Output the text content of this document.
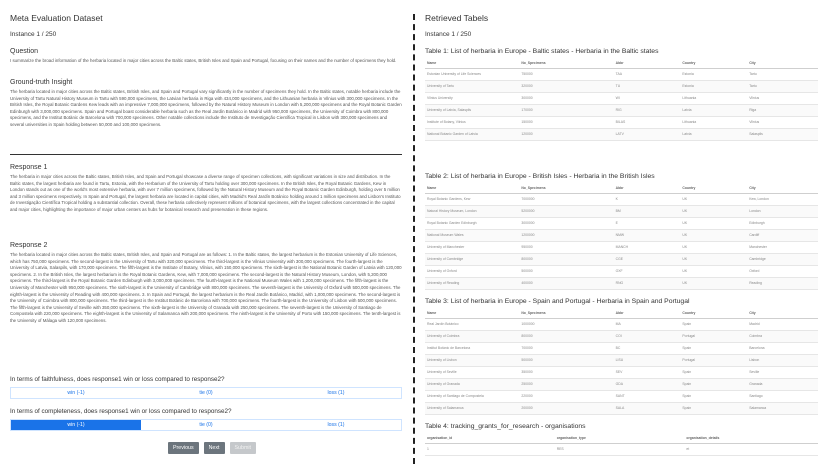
Meta Evaluation Dataset
Instance 1 / 250
Question
I summarize the broad information of the herbaria located in major cities across the Baltic states, British Isles and Spain and Portugal, focusing on their names and the number of specimens they hold.
Ground-truth Insight
The herbaria located in major cities across the Baltic states, British Isles, and Spain and Portugal vary significantly in the number of specimens they hold. In the Baltic states, notable herbaria include the University of Tartu Natural History Museum in Tartu with 590,000 specimens, the Latvian herbaria in Riga with 434,000 specimens, and the Lithuanian herbaria in Vilnius with 300,000 specimens. In the British Isles, the Royal Botanic Gardens Kew leads with an impressive 7,000,000 specimens, followed by the Natural History Museum in London with 5,200,000 specimens and the Royal Botanic Garden Edinburgh with 3,000,000 specimens. Spain and Portugal boast considerable herbaria such as the Real Jardín Botánico in Madrid with 950,000 specimens, the University of Coimbra with 800,000 specimens, and the Institut Botànic de Barcelona with 700,000 specimens. Other notable collections include the Instituto de Investigação Científica Tropical in Lisbon with 300,000 specimens and several universities in Spain holding between 50,000 and 100,000 specimens.
Response 1
The herbaria in major cities across the Baltic states, British Isles, and Spain and Portugal showcase a diverse range of specimen collections, with significant variations in size and distribution. In the Baltic states, the largest herbaria are found in Tartu, Estonia, with the Herbarium of the University of Tartu holding over 300,000 specimens. In the British Isles, the Royal Botanic Gardens, Kew in London stands out as one of the world's most extensive herbaria, with over 7 million specimens, followed by the Natural History Museum and the Royal Botanic Garden Edinburgh, holding over 5 million and 3 million specimens respectively. In Spain and Portugal, the largest herbaria are located in capital cities, with Madrid's Real Jardín Botánico holding around 1 million specimens and Lisbon's Instituto de Investigação Científica Tropical holding a substantial collection. Overall, these herbaria collectively represent millions of botanical specimens, with the largest collections concentrated in the capital and major cities, highlighting the importance of major urban centers as hubs for botanical research and preservation in these regions.
Response 2
The herbaria located in major cities across the Baltic states, British Isles, and Spain and Portugal are as follows: 1. In the Baltic states, the largest herbarium is the Estonian University of Life Sciences, which has 750,000 specimens. The second-largest is the University of Tartu with 320,000 specimens. The third-largest is the Vilnius University with 300,000 specimens. The fourth-largest is the University of Latvia, Salaspils, with 170,000 specimens. The fifth-largest is the Institute of Botany, Vilnius, with 150,000 specimens. The sixth-largest is the National Botanic Garden of Latvia with 120,000 specimens. 2. In the British Isles, the largest herbarium is the Royal Botanic Gardens, Kew, with 7,000,000 specimens. The second-largest is the Natural History Museum, London, with 5,200,000 specimens. The third-largest is the Royal Botanic Garden Edinburgh with 3,000,000 specimens. The fourth-largest is the National Museum Wales with 1,200,000 specimens. The fifth-largest is the University of Manchester with 950,000 specimens. The sixth-largest is the University of Cambridge with 800,000 specimens. The seventh-largest is the University of Oxford with 500,000 specimens. The eighth-largest is the University of Reading with 400,000 specimens. 3. In Spain and Portugal, the largest herbarium is the Real Jardín Botánico, Madrid, with 1,000,000 specimens. The second-largest is the University of Coimbra with 800,000 specimens. The third-largest is the Institut Botànic de Barcelona with 700,000 specimens. The fourth-largest is the University of Lisbon with 500,000 specimens. The fifth-largest is the University of Seville with 350,000 specimens. The sixth-largest is the University of Granada with 250,000 specimens. The seventh-largest is the University of Santiago de Compostela with 220,000 specimens. The eighth-largest is the University of Salamanca with 200,000 specimens. The ninth-largest is the University of Porto with 150,000 specimens. The tenth-largest is the University of Málaga with 120,000 specimens.
In terms of faithfulness, does response1 win or loss compared to response2?
win (-1)	tie (0)	loss (1)
In terms of completeness, does response1 win or loss compared to response2?
win (-1)	tie (0)	loss (1)
Previous	Next	Submit
Retrieved Tabels
Instance 1 / 250
Table 1: List of herbaria in Europe - Baltic states - Herbaria in the Baltic states
Name	No_Specimens	Abbr	Country	City
Estonian University of Life Sciences	750000	TAA	Estonia	Tartu
University of Tartu	320000	TU	Estonia	Tartu
Vilnius University	300000	WI	Lithuania	Vilnius
University of Latvia, Salaspils	170000	RIG	Latvia	Riga
Institute of Botany, Vilnius	150000	BILAS	Lithuania	Vilnius
National Botanic Garden of Latvia	120000	LATV	Latvia	Salaspils
Table 2: List of herbaria in Europe - British Isles - Herbaria in the British Isles
Name	No_Specimens	Abbr	Country	City
Royal Botanic Gardens, Kew	7000000	K	UK	Kew, London
Natural History Museum, London	5200000	BM	UK	London
Royal Botanic Garden Edinburgh	3000000	E	UK	Edinburgh
National Museum Wales	1200000	NMW	UK	Cardiff
University of Manchester	950000	MANCH	UK	Manchester
University of Cambridge	800000	CGE	UK	Cambridge
University of Oxford	500000	OXF	UK	Oxford
University of Reading	400000	RNG	UK	Reading
Table 3: List of herbaria in Europe - Spain and Portugal - Herbaria in Spain and Portugal
Name	No_Specimens	Abbr	Country	City
Real Jardín Botánico	1000000	MA	Spain	Madrid
University of Coimbra	800000	COI	Portugal	Coimbra
Institut Botànic de Barcelona	700000	BC	Spain	Barcelona
University of Lisbon	500000	LISU	Portugal	Lisbon
University of Seville	350000	SEV	Spain	Seville
University of Granada	250000	GDA	Spain	Granada
University of Santiago de Compostela	220000	SANT	Spain	Santiago
University of Salamanca	200000	SALA	Spain	Salamanca
Table 4: tracking_grants_for_research - organisations
organisation_id	organisation_type	organisation_details
1	RES	et
